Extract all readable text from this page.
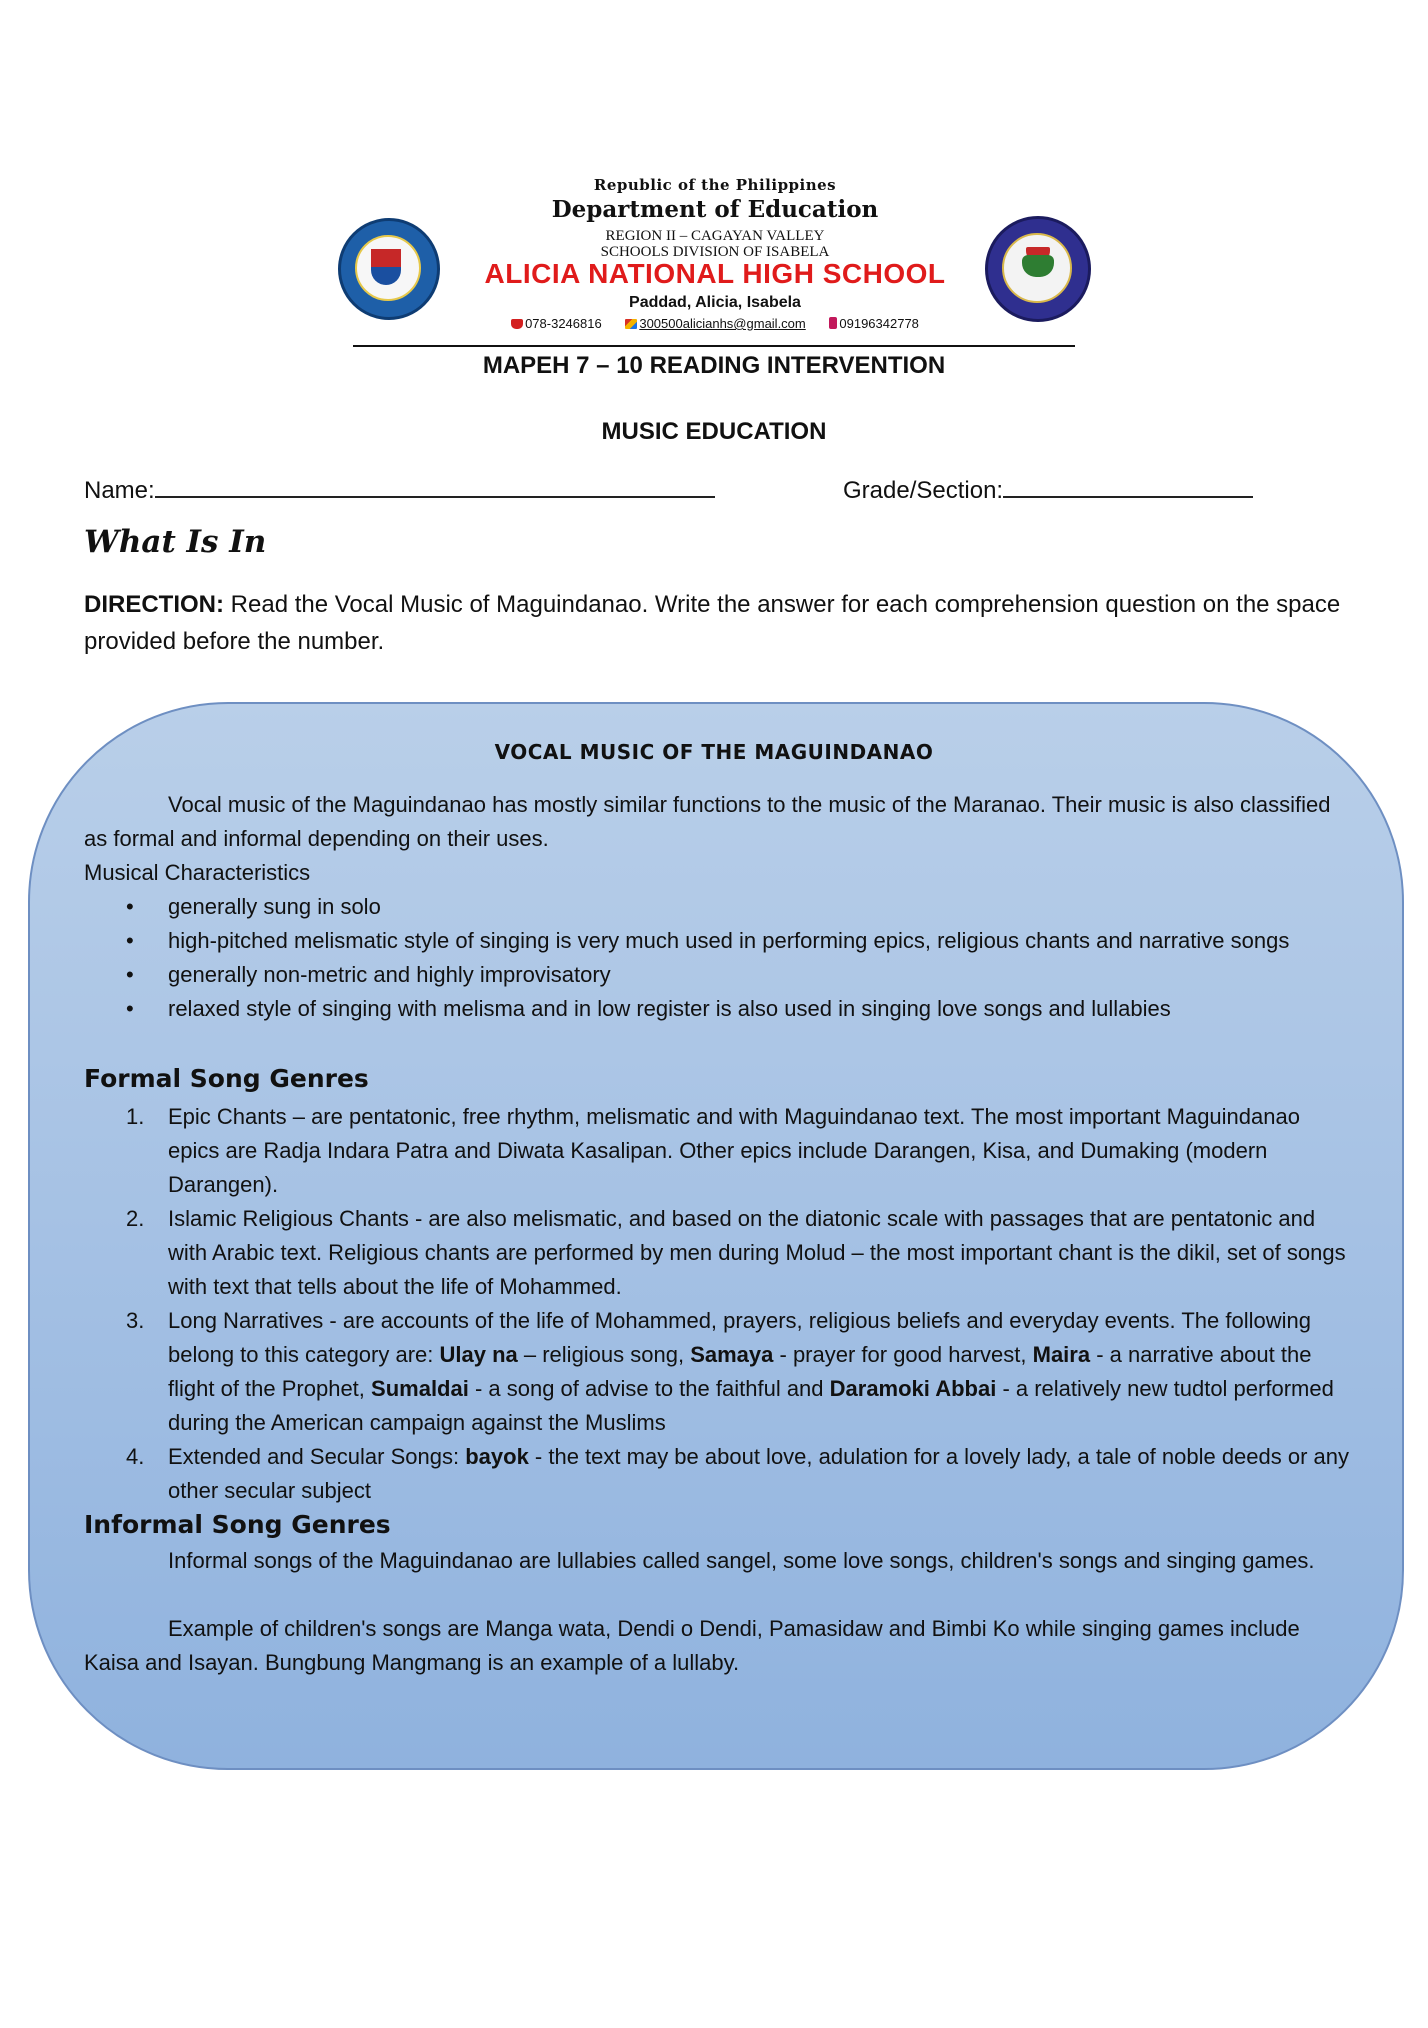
Republic of the Philippines
Department of Education
REGION II – CAGAYAN VALLEY
SCHOOLS DIVISION OF ISABELA
ALICIA NATIONAL HIGH SCHOOL
Paddad, Alicia, Isabela
078-3246816	300500alicianhs@gmail.com	09196342778
MAPEH 7 – 10 READING INTERVENTION
MUSIC EDUCATION
Name:	Grade/Section:
What Is In
DIRECTION: Read the Vocal Music of Maguindanao. Write the answer for each comprehension question on the space provided before the number.
VOCAL MUSIC OF THE MAGUINDANAO

Vocal music of the Maguindanao has mostly similar functions to the music of the Maranao. Their music is also classified as formal and informal depending on their uses.

Musical Characteristics
• generally sung in solo
• high-pitched melismatic style of singing is very much used in performing epics, religious chants and narrative songs
• generally non-metric and highly improvisatory
• relaxed style of singing with melisma and in low register is also used in singing love songs and lullabies
Formal Song Genres
1. Epic Chants – are pentatonic, free rhythm, melismatic and with Maguindanao text. The most important Maguindanao epics are Radja Indara Patra and Diwata Kasalipan. Other epics include Darangen, Kisa, and Dumaking (modern Darangen).
2. Islamic Religious Chants - are also melismatic, and based on the diatonic scale with passages that are pentatonic and with Arabic text. Religious chants are performed by men during Molud – the most important chant is the dikil, set of songs with text that tells about the life of Mohammed.
3. Long Narratives - are accounts of the life of Mohammed, prayers, religious beliefs and everyday events. The following belong to this category are: Ulay na – religious song, Samaya - prayer for good harvest, Maira - a narrative about the flight of the Prophet, Sumaldai - a song of advise to the faithful and Daramoki Abbai - a relatively new tudtol performed during the American campaign against the Muslims
4. Extended and Secular Songs: bayok - the text may be about love, adulation for a lovely lady, a tale of noble deeds or any other secular subject
Informal Song Genres

Informal songs of the Maguindanao are lullabies called sangel, some love songs, children's songs and singing games.

Example of children's songs are Manga wata, Dendi o Dendi, Pamasidaw and Bimbi Ko while singing games include Kaisa and Isayan. Bungbung Mangmang is an example of a lullaby.
